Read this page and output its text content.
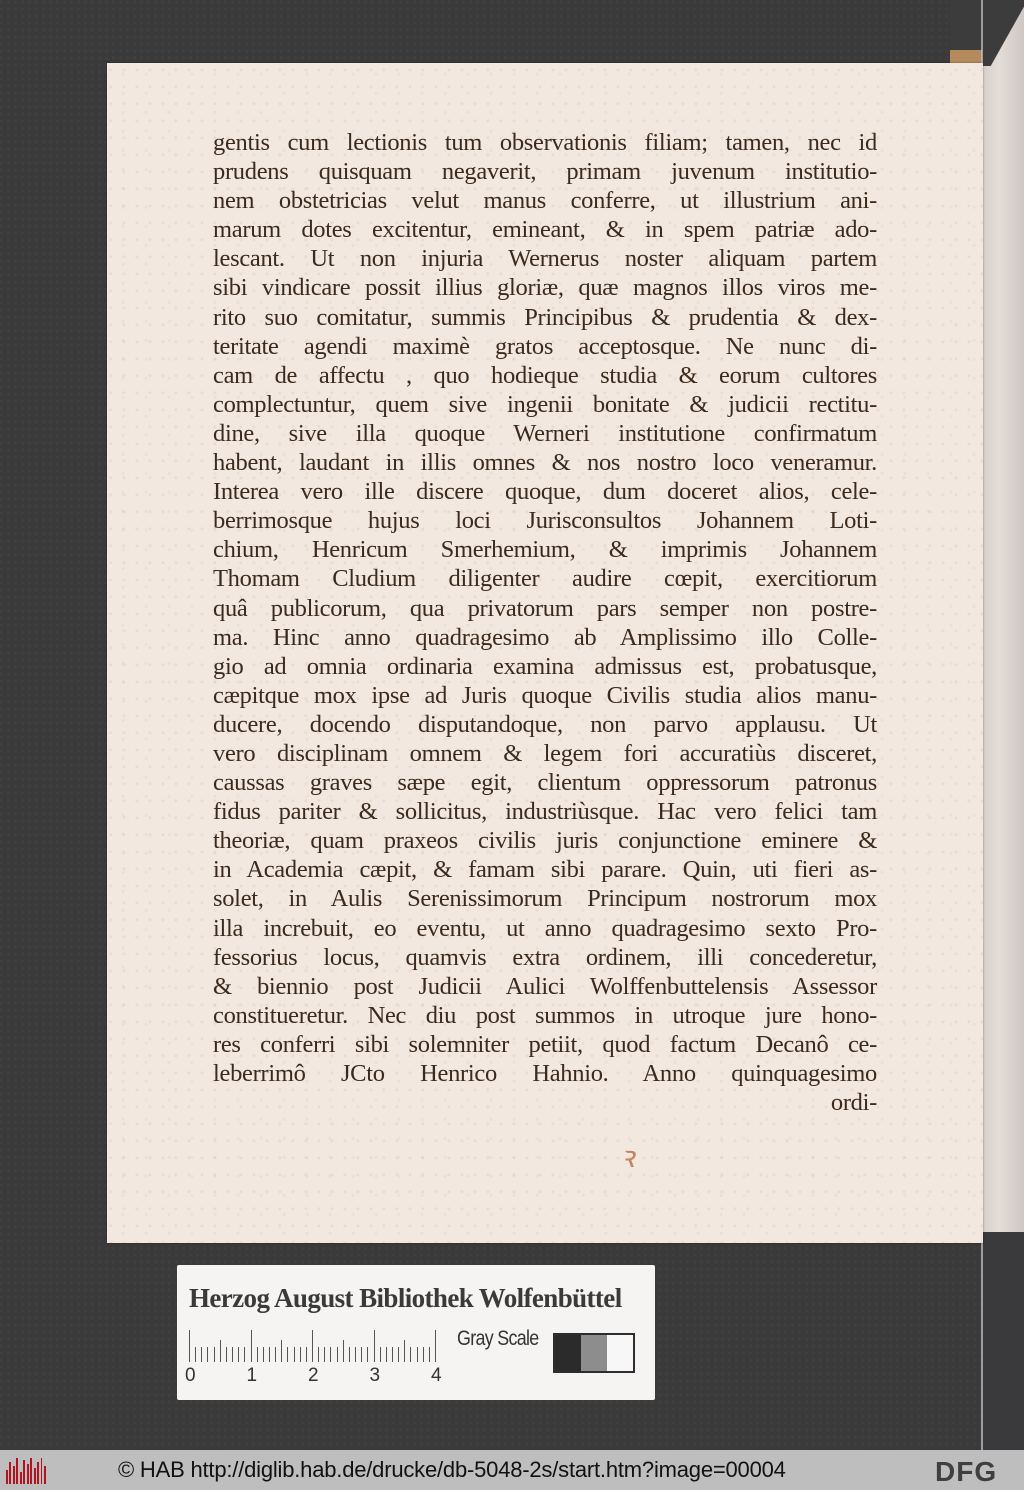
gentis cum lectionis tum observationis filiam; tamen, nec id
prudens quisquam negaverit, primam juvenum institutio-
nem obstetricias velut manus conferre, ut illustrium ani-
marum dotes excitentur, emineant, & in spem patriæ ado-
lescant. Ut non injuria Wernerus noster aliquam partem
sibi vindicare possit illius gloriæ, quæ magnos illos viros me-
rito suo comitatur, summis Principibus & prudentia & dex-
teritate agendi maximè gratos acceptosque. Ne nunc di-
cam de affectu , quo hodieque studia & eorum cultores
complectuntur, quem sive ingenii bonitate & judicii rectitu-
dine, sive illa quoque Werneri institutione confirmatum
habent, laudant in illis omnes & nos nostro loco veneramur.
Interea vero ille discere quoque, dum doceret alios, cele-
berrimosque hujus loci Jurisconsultos Johannem Loti-
chium, Henricum Smerhemium, & imprimis Johannem
Thomam Cludium diligenter audire cœpit, exercitiorum
quâ publicorum, qua privatorum pars semper non postre-
ma. Hinc anno quadragesimo ab Amplissimo illo Colle-
gio ad omnia ordinaria examina admissus est, probatusque,
cæpitque mox ipse ad Juris quoque Civilis studia alios manu-
ducere, docendo disputandoque, non parvo applausu. Ut
vero disciplinam omnem & legem fori accuratiùs disceret,
caussas graves sæpe egit, clientum oppressorum patronus
fidus pariter & sollicitus, industriùsque. Hac vero felici tam
theoriæ, quam praxeos civilis juris conjunctione eminere &
in Academia cæpit, & famam sibi parare. Quin, uti fieri as-
solet, in Aulis Serenissimorum Principum nostrorum mox
illa increbuit, eo eventu, ut anno quadragesimo sexto Pro-
fessorius locus, quamvis extra ordinem, illi concederetur,
& biennio post Judicii Aulici Wolffenbuttelensis Assessor
constitueretur. Nec diu post summos in utroque jure hono-
res conferri sibi solemniter petiit, quod factum Decanô ce-
leberrimô JCto Henrico Hahnio. Anno quinquagesimo
ordi-
ꝛ
Herzog August Bibliothek Wolfenbüttel
0	1	2	3	4
Gray Scale
© HAB http://diglib.hab.de/drucke/db-5048-2s/start.htm?image=00004	DFG
